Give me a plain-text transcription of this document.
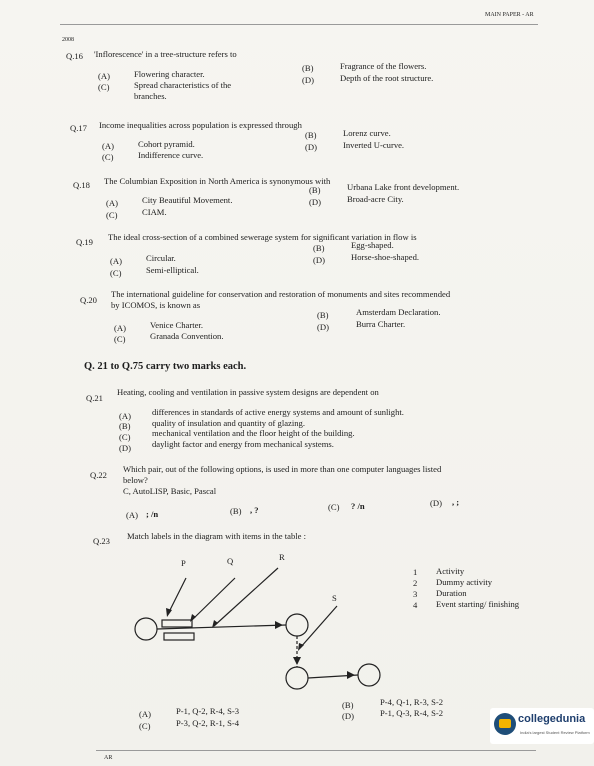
MAIN PAPER - AR
2008
Q.16 'Inflorescence' in a tree-structure refers to
(A)	Flowering character.
(B)	Fragrance of the flowers.
(C)	Spread characteristics of the	(D)	Depth of the root structure.
branches.
Q.17 Income inequalities across population is expressed through
(A)	Cohort pyramid.
(B)	Lorenz curve.
(C)	Indifference curve.
(D)	Inverted U-curve.
Q.18 The Columbian Exposition in North America is synonymous with
(A)	City Beautiful Movement.
(B)	Urbana Lake front development.
(C)	CIAM.
(D)	Broad-acre City.
Q.19 The ideal cross-section of a combined sewerage system for significant variation in flow is
(A)	Circular.
(B)	Egg-shaped.
(C)	Semi-elliptical.
(D)	Horse-shoe-shaped.
Q.20
The international guideline for conservation and restoration of monuments and sites recommended
by ICOMOS, is known as
(A)	Venice Charter.
(B)	Amsterdam Declaration.
(C)	Granada Convention.
(D)	Burra Charter.
Q. 21 to Q.75 carry two marks each.
Q.21
Heating, cooling and ventilation in passive system designs are dependent on
(A) differences in standards of active energy systems and amount of sunlight.
(B)	quality of insulation and quantity of glazing.
(C)	mechanical ventilation and the floor height of the building.
(D) daylight factor and energy from mechanical systems.
Q.22
Which pair, out of the following options, is used in more than one computer languages listed
below?
C, AutoLISP, Basic, Pascal
(A) ; /n	(B) , ?	(C) ? /n	(D) , ;
Q.23 Match labels in the diagram with items in the table :
P	Q	R
S
1 Activity
2 Dummy activity
3 Duration
4 Event starting/ finishing
(A)	P-1, Q-2, R-4, S-3
(B)	P-4, Q-1, R-3, S-2
(C)	P-3, Q-2, R-1, S-4
(D)	P-1, Q-3, R-4, S-2
AR
collegedunia
India's largest Student Review Platform
